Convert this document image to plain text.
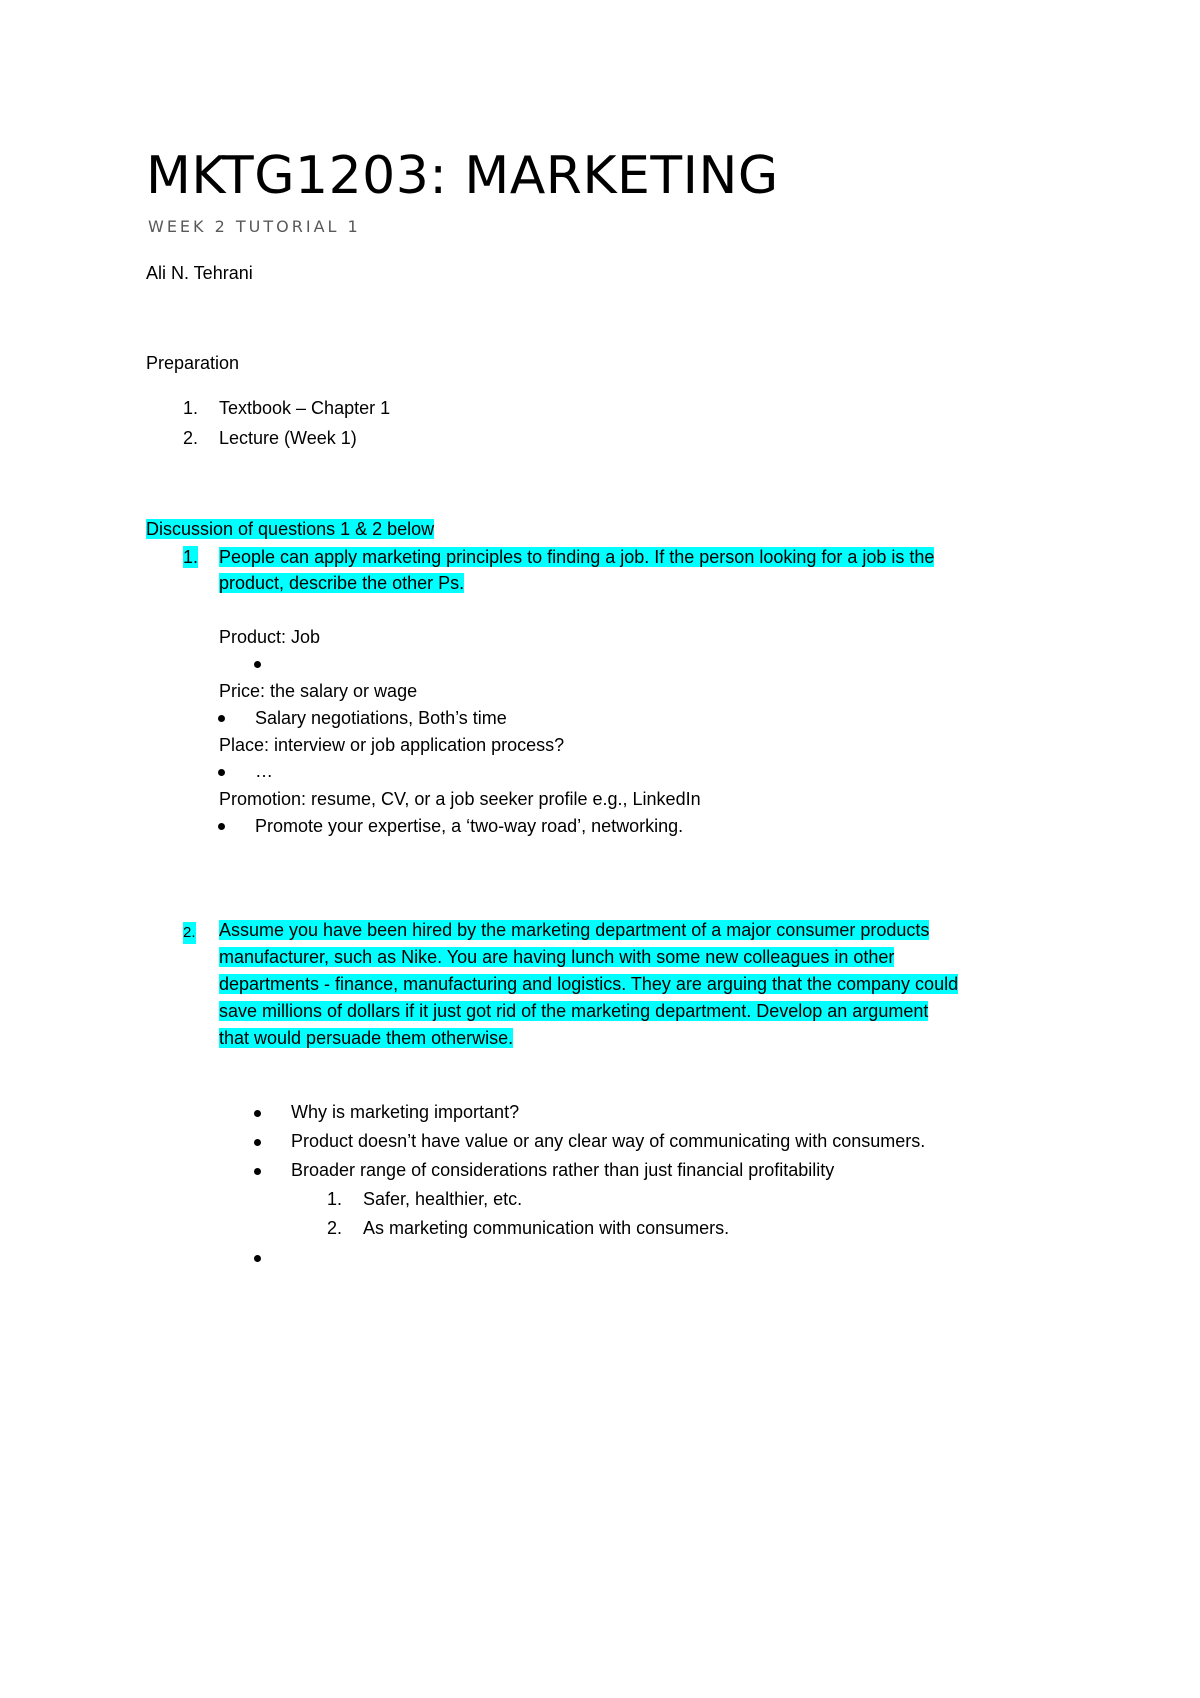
MKTG1203: MARKETING
WEEK 2 TUTORIAL 1
Ali N. Tehrani
Preparation
1. Textbook – Chapter 1
2. Lecture (Week 1)
Discussion of questions 1 & 2 below
1. People can apply marketing principles to finding a job. If the person looking for a job is the
product, describe the other Ps.
Product: Job
Price: the salary or wage
Salary negotiations, Both’s time
Place: interview or job application process?
…
Promotion: resume, CV, or a job seeker profile e.g., LinkedIn
Promote your expertise, a ‘two-way road’, networking.
2. Assume you have been hired by the marketing department of a major consumer products
manufacturer, such as Nike. You are having lunch with some new colleagues in other
departments - finance, manufacturing and logistics. They are arguing that the company could
save millions of dollars if it just got rid of the marketing department. Develop an argument
that would persuade them otherwise.
Why is marketing important?
Product doesn’t have value or any clear way of communicating with consumers.
Broader range of considerations rather than just financial profitability
1. Safer, healthier, etc.
2. As marketing communication with consumers.
